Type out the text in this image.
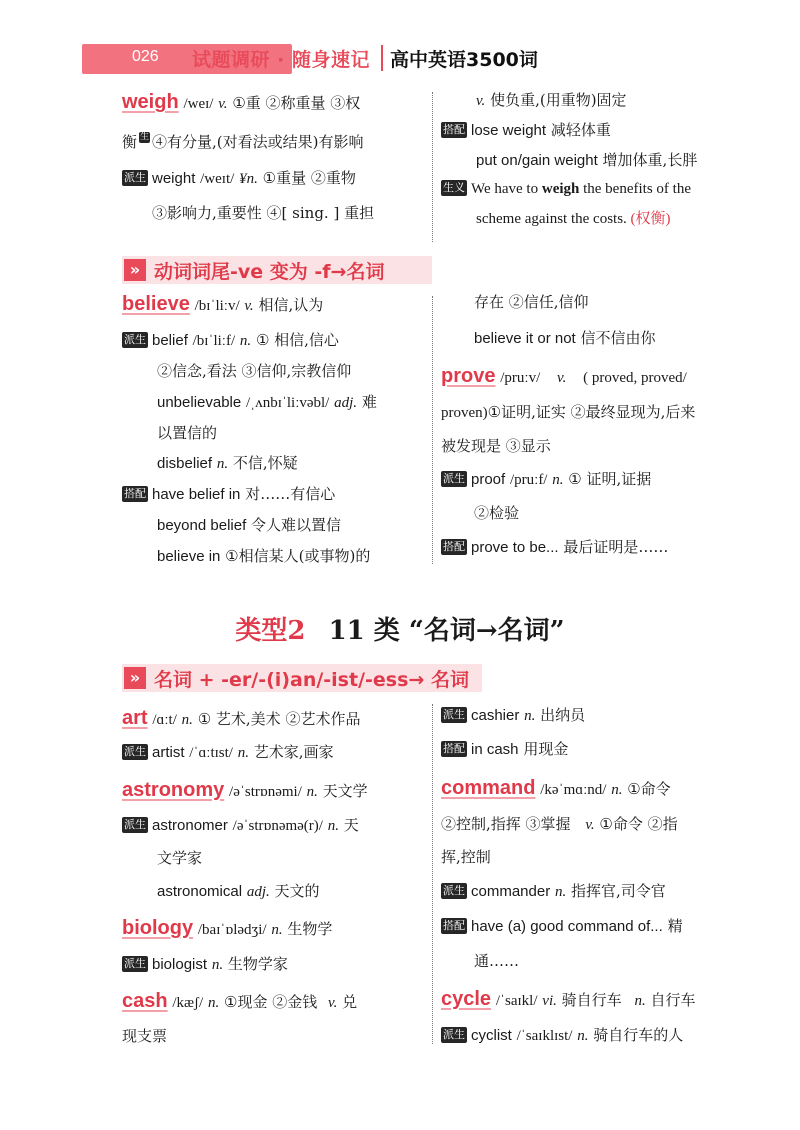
026 试题调研 · 随身速记 高中英语3500词
weigh /weɪ/ v. ①重 ②称重量 ③权
衡 生 ④有分量,(对看法或结果)有影响
派生 weight /weɪt/ ¥n. ①重量 ②重物
③影响力,重要性 ④[ sing. ] 重担
v. 使负重,(用重物)固定
搭配 lose weight 减轻体重
put on/gain weight 增加体重,长胖
生义 We have to weigh the benefits of the
scheme against the costs. (权衡)
» 动词词尾-ve 变为 -f→名词
believe /bɪˈliːv/ v. 相信,认为
派生 belief /bɪˈliːf/ n. ① 相信,信心
②信念,看法 ③信仰,宗教信仰
unbelievable /ˌʌnbɪˈliːvəbl/ adj. 难
以置信的
disbelief n. 不信,怀疑
搭配 have belief in 对……有信心
beyond belief 令人难以置信
believe in ①相信某人(或事物)的
存在 ②信任,信仰
believe it or not 信不信由你
prove /pruːv/ v. ( proved, proved/
proven)①证明,证实 ②最终显现为,后来
被发现是 ③显示
派生 proof /pruːf/ n. ① 证明,证据
②检验
搭配 prove to be... 最后证明是……
类型2 11 类 “名词→名词”
» 名词 + -er/-(i)an/-ist/-ess→ 名词
art /ɑːt/ n. ① 艺术,美术 ②艺术作品
派生 artist /ˈɑːtɪst/ n. 艺术家,画家
astronomy /əˈstrɒnəmi/ n. 天文学
派生 astronomer /əˈstrɒnəmə(r)/ n. 天
文学家
astronomical adj. 天文的
biology /baɪˈɒlədʒi/ n. 生物学
派生 biologist n. 生物学家
cash /kæʃ/ n. ①现金 ②金钱 v. 兑
现支票
派生 cashier n. 出纳员
搭配 in cash 用现金
command /kəˈmɑːnd/ n. ①命令
②控制,指挥 ③掌握 v. ①命令 ②指
挥,控制
派生 commander n. 指挥官,司令官
搭配 have (a) good command of... 精
通……
cycle /ˈsaɪkl/ vi. 骑自行车 n. 自行车
派生 cyclist /ˈsaɪklɪst/ n. 骑自行车的人
